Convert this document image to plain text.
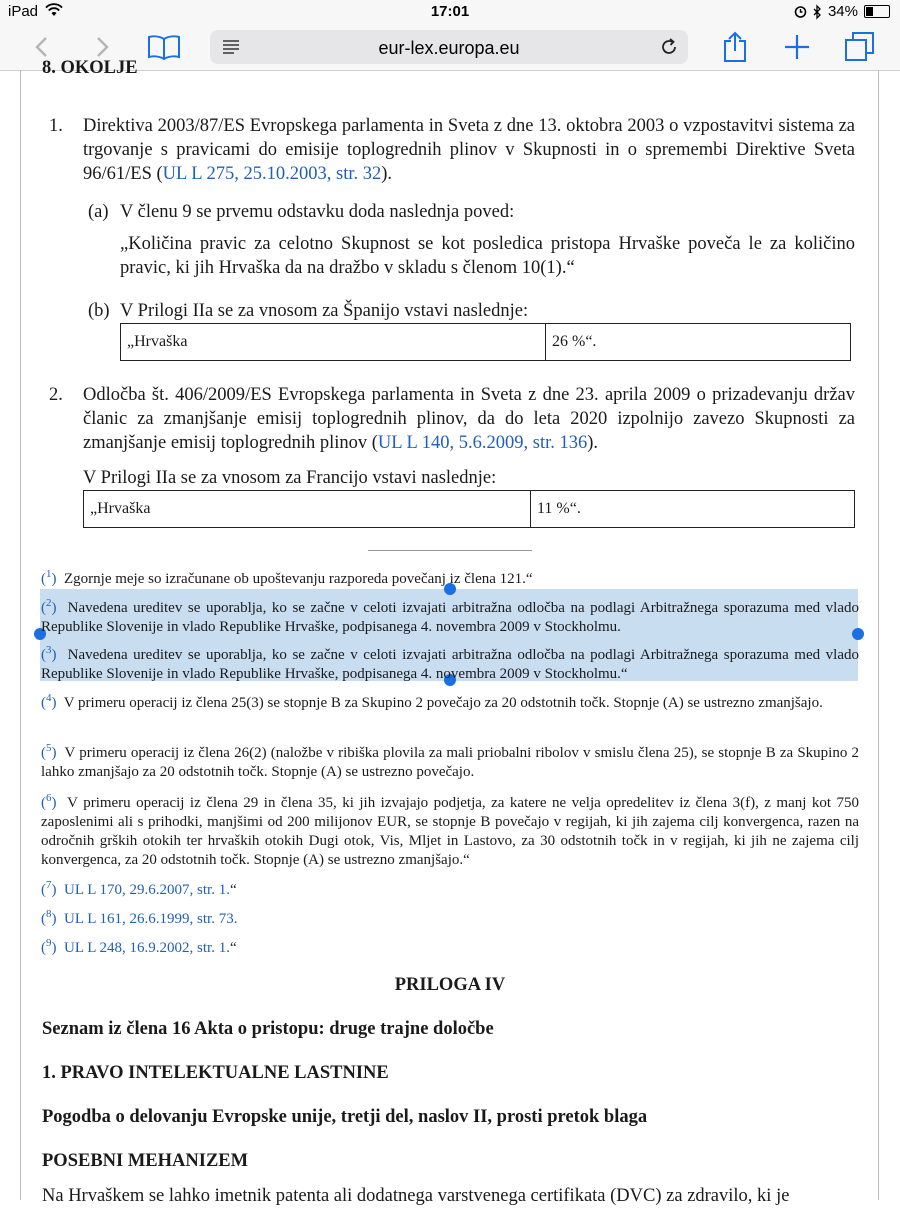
iPad	17:01	34%
eur-lex.europa.eu
8. OKOLJE
1. Direktiva 2003/87/ES Evropskega parlamenta in Sveta z dne 13. oktobra 2003 o vzpostavitvi sistema za trgovanje s pravicami do emisije toplogrednih plinov v Skupnosti in o spremembi Direktive Sveta 96/61/ES (UL L 275, 25.10.2003, str. 32).
(a) V členu 9 se prvemu odstavku doda naslednja poved:
„Količina pravic za celotno Skupnost se kot posledica pristopa Hrvaške poveča le za količino pravic, ki jih Hrvaška da na dražbo v skladu s členom 10(1).“
(b) V Prilogi IIa se za vnosom za Španijo vstavi naslednje:
„Hrvaška	26 %“.
2. Odločba št. 406/2009/ES Evropskega parlamenta in Sveta z dne 23. aprila 2009 o prizadevanju držav članic za zmanjšanje emisij toplogrednih plinov, da do leta 2020 izpolnijo zavezo Skupnosti za zmanjšanje emisij toplogrednih plinov (UL L 140, 5.6.2009, str. 136).
V Prilogi IIa se za vnosom za Francijo vstavi naslednje:
„Hrvaška	11 %“.
($^1$) Zgornje meje so izračunane ob upoštevanju razporeda povečanj iz člena 121.“
($^2$) Navedena ureditev se uporablja, ko se začne v celoti izvajati arbitražna odločba na podlagi Arbitražnega sporazuma med vlado Republike Slovenije in vlado Republike Hrvaške, podpisanega 4. novembra 2009 v Stockholmu.
($^3$) Navedena ureditev se uporablja, ko se začne v celoti izvajati arbitražna odločba na podlagi Arbitražnega sporazuma med vlado Republike Slovenije in vlado Republike Hrvaške, podpisanega 4. novembra 2009 v Stockholmu.“
($^4$) V primeru operacij iz člena 25(3) se stopnje B za Skupino 2 povečajo za 20 odstotnih točk. Stopnje (A) se ustrezno zmanjšajo.
($^5$) V primeru operacij iz člena 26(2) (naložbe v ribiška plovila za mali priobalni ribolov v smislu člena 25), se stopnje B za Skupino 2 lahko zmanjšajo za 20 odstotnih točk. Stopnje (A) se ustrezno povečajo.
($^6$) V primeru operacij iz člena 29 in člena 35, ki jih izvajajo podjetja, za katere ne velja opredelitev iz člena 3(f), z manj kot 750 zaposlenimi ali s prihodki, manjšimi od 200 milijonov EUR, se stopnje B povečajo v regijah, ki jih zajema cilj konvergenca, razen na odročnih grških otokih ter hrvaških otokih Dugi otok, Vis, Mljet in Lastovo, za 30 odstotnih točk in v regijah, ki jih ne zajema cilj konvergenca, za 20 odstotnih točk. Stopnje (A) se ustrezno zmanjšajo.“
($^7$) UL L 170, 29.6.2007, str. 1.“
($^8$) UL L 161, 26.6.1999, str. 73.
($^9$) UL L 248, 16.9.2002, str. 1.“
PRILOGA IV
Seznam iz člena 16 Akta o pristopu: druge trajne določbe
1. PRAVO INTELEKTUALNE LASTNINE
Pogodba o delovanju Evropske unije, tretji del, naslov II, prosti pretok blaga
POSEBNI MEHANIZEM
Na Hrvaškem se lahko imetnik patenta ali dodatnega varstvenega certifikata (DVC) za zdravilo, ki je
